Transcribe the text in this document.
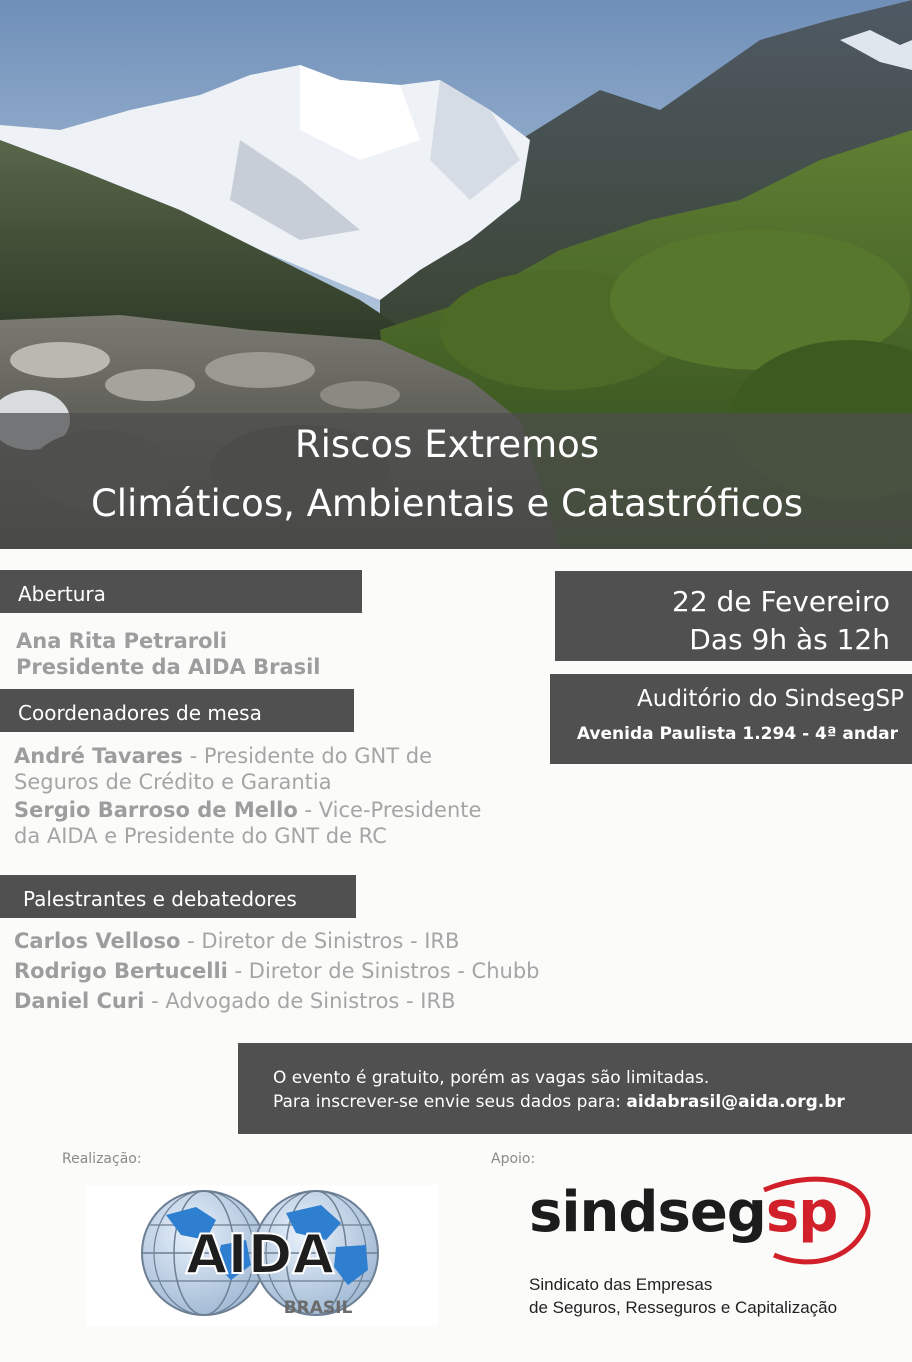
Riscos Extremos
Climáticos, Ambientais e Catastróficos
Abertura
Ana Rita Petraroli
Presidente da AIDA Brasil
Coordenadores de mesa
André Tavares - Presidente do GNT de
Seguros de Crédito e Garantia
Sergio Barroso de Mello - Vice-Presidente
da AIDA e Presidente do GNT de RC
Palestrantes e debatedores
Carlos Velloso - Diretor de Sinistros - IRB
Rodrigo Bertucelli - Diretor de Sinistros - Chubb
Daniel Curi - Advogado de Sinistros - IRB
22 de Fevereiro
Das 9h às 12h
Auditório do SindsegSP
Avenida Paulista 1.294 - 4ª andar
O evento é gratuito, porém as vagas são limitadas.
Para inscrever-se envie seus dados para: aidabrasil@aida.org.br
Realização:	Apoio:
AIDA
BRASIL
sindsegsp
Sindicato das Empresas
de Seguros, Resseguros e Capitalização
